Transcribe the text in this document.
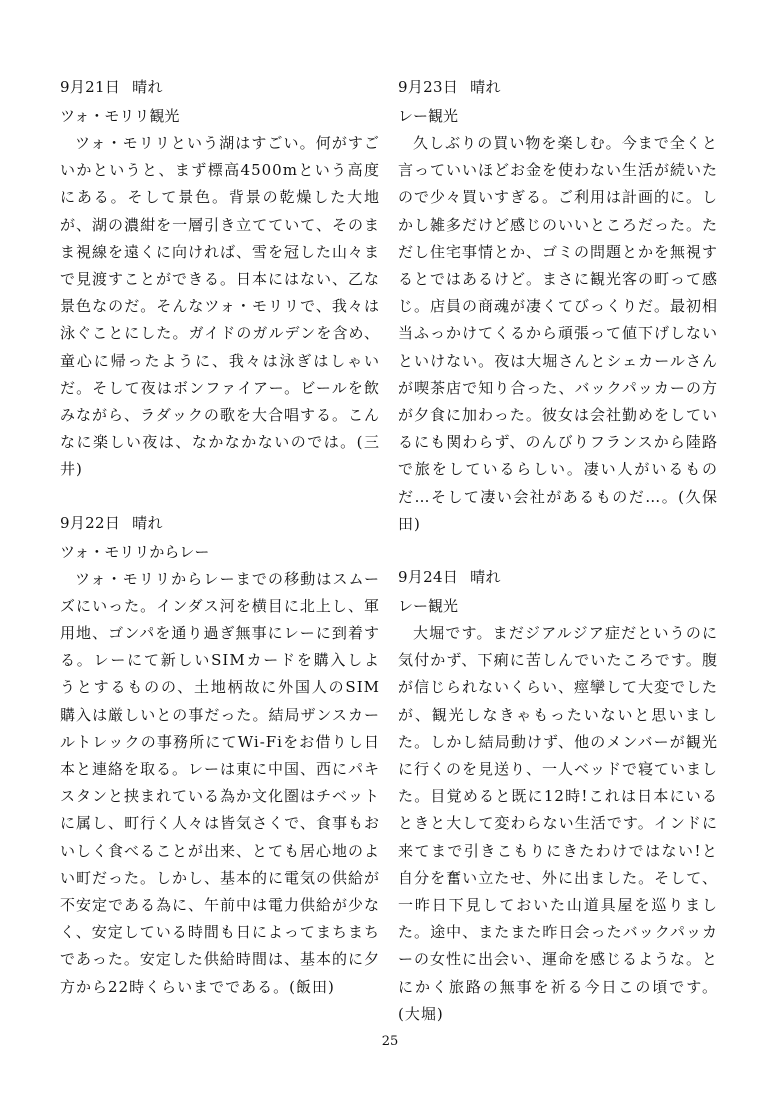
9月21日 晴れ
ツォ・モリリ観光

ツォ・モリリという湖はすごい。何がすごいかというと、まず標高4500mという高度にある。そして景色。背景の乾燥した大地が、湖の濃紺を一層引き立てていて、そのまま視線を遠くに向ければ、雪を冠した山々まで見渡すことができる。日本にはない、乙な景色なのだ。そんなツォ・モリリで、我々は泳ぐことにした。ガイドのガルデンを含め、童心に帰ったように、我々は泳ぎはしゃいだ。そして夜はボンファイアー。ビールを飲みながら、ラダックの歌を大合唱する。こんなに楽しい夜は、なかなかないのでは。(三井)

9月22日 晴れ
ツォ・モリリからレー

ツォ・モリリからレーまでの移動はスムーズにいった。インダス河を横目に北上し、軍用地、ゴンパを通り過ぎ無事にレーに到着する。レーにて新しいSIMカードを購入しようとするものの、土地柄故に外国人のSIM購入は厳しいとの事だった。結局ザンスカールトレックの事務所にてWi-Fiをお借りし日本と連絡を取る。レーは東に中国、西にパキスタンと挟まれている為か文化圏はチベットに属し、町行く人々は皆気さくで、食事もおいしく食べることが出来、とても居心地のよい町だった。しかし、基本的に電気の供給が不安定である為に、午前中は電力供給が少なく、安定している時間も日によってまちまちであった。安定した供給時間は、基本的に夕方から22時くらいまでである。(飯田)

9月23日 晴れ
レー観光

久しぶりの買い物を楽しむ。今まで全くと言っていいほどお金を使わない生活が続いたので少々買いすぎる。ご利用は計画的に。しかし雑多だけど感じのいいところだった。ただし住宅事情とか、ゴミの問題とかを無視するとではあるけど。まさに観光客の町って感じ。店員の商魂が凄くてびっくりだ。最初相当ふっかけてくるから頑張って値下げしないといけない。夜は大堀さんとシェカールさんが喫茶店で知り合った、バックパッカーの方が夕食に加わった。彼女は会社勤めをしているにも関わらず、のんびりフランスから陸路で旅をしているらしい。凄い人がいるものだ…そして凄い会社があるものだ…。(久保田)

9月24日 晴れ
レー観光

大堀です。まだジアルジア症だというのに気付かず、下痢に苦しんでいたころです。腹が信じられないくらい、痙攣して大変でしたが、観光しなきゃもったいないと思いました。しかし結局動けず、他のメンバーが観光に行くのを見送り、一人ベッドで寝ていました。目覚めると既に12時!これは日本にいるときと大して変わらない生活です。インドに来てまで引きこもりにきたわけではない!と自分を奮い立たせ、外に出ました。そして、一昨日下見しておいた山道具屋を巡りました。途中、またまた昨日会ったバックパッカーの女性に出会い、運命を感じるような。とにかく旅路の無事を祈る今日この頃です。(大堀)

25
